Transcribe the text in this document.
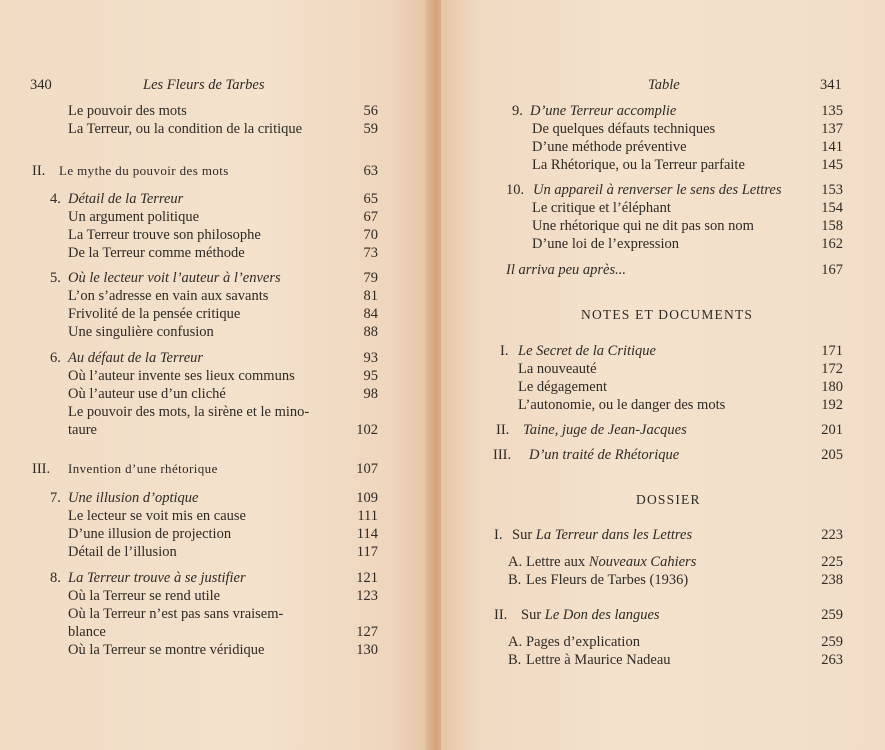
340	Les Fleurs de Tarbes	Table	341
NOTES ET DOCUMENTS
DOSSIER
Le pouvoir des mots	56
La Terreur, ou la condition de la critique	59
II. Le mythe du pouvoir des mots	63
4. Détail de la Terreur	65
Un argument politique	67
La Terreur trouve son philosophe	70
De la Terreur comme méthode	73
5. Où le lecteur voit l’auteur à l’envers	79
L’on s’adresse en vain aux savants	81
Frivolité de la pensée critique	84
Une singulière confusion	88
6. Au défaut de la Terreur	93
Où l’auteur invente ses lieux communs	95
Où l’auteur use d’un cliché	98
Le pouvoir des mots, la sirène et le mino-
taure	102
III. Invention d’une rhétorique	107
7. Une illusion d’optique	109
Le lecteur se voit mis en cause	111
D’une illusion de projection	114
Détail de l’illusion	117
8. La Terreur trouve à se justifier	121
Où la Terreur se rend utile	123
Où la Terreur n’est pas sans vraisem-
blance	127
Où la Terreur se montre véridique	130
9. D’une Terreur accomplie	135
De quelques défauts techniques	137
D’une méthode préventive	141
La Rhétorique, ou la Terreur parfaite	145
10. Un appareil à renverser le sens des Lettres	153
Le critique et l’éléphant	154
Une rhétorique qui ne dit pas son nom	158
D’une loi de l’expression	162
Il arriva peu après...	167
I. Le Secret de la Critique	171
La nouveauté	172
Le dégagement	180
L’autonomie, ou le danger des mots	192
II. Taine, juge de Jean-Jacques	201
III. D’un traité de Rhétorique	205
I. Sur La Terreur dans les Lettres	223
A. Lettre aux Nouveaux Cahiers	225
B. Les Fleurs de Tarbes (1936)	238
II. Sur Le Don des langues	259
A. Pages d’explication	259
B. Lettre à Maurice Nadeau	263
